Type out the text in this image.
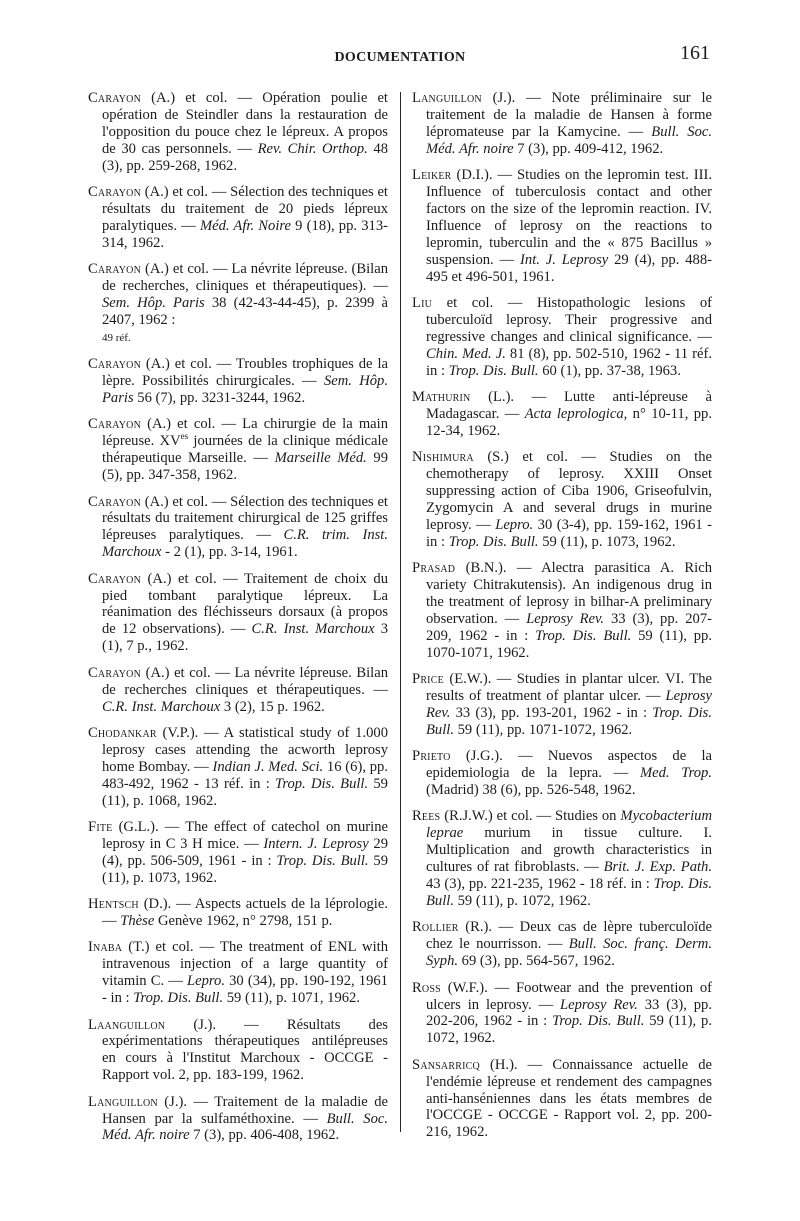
DOCUMENTATION	161

Carayon (A.) et col. — Opération poulie et opération de Steindler dans la restauration de l'opposition du pouce chez le lépreux. A propos de 30 cas personnels. — Rev. Chir. Orthop. 48 (3), pp. 259-268, 1962.

Carayon (A.) et col. — Sélection des techniques et résultats du traitement de 20 pieds lépreux paralytiques. — Méd. Afr. Noire 9 (18), pp. 313-314, 1962.

Carayon (A.) et col. — La névrite lépreuse. (Bilan de recherches, cliniques et thérapeutiques). — Sem. Hôp. Paris 38 (42-43-44-45), p. 2399 à 2407, 1962 :
49 réf.

Carayon (A.) et col. — Troubles trophiques de la lèpre. Possibilités chirurgicales. — Sem. Hôp. Paris 56 (7), pp. 3231-3244, 1962.

Carayon (A.) et col. — La chirurgie de la main lépreuse. $XV^{es}$ journées de la clinique médicale thérapeutique Marseille. — Marseille Méd. 99 (5), pp. 347-358, 1962.

Carayon (A.) et col. — Sélection des techniques et résultats du traitement chirurgical de 125 griffes lépreuses paralytiques. — C.R. trim. Inst. Marchoux - 2 (1), pp. 3-14, 1961.

Carayon (A.) et col. — Traitement de choix du pied tombant paralytique lépreux. La réanimation des fléchisseurs dorsaux (à propos de 12 observations). — C.R. Inst. Marchoux 3 (1), 7 p., 1962.

Carayon (A.) et col. — La névrite lépreuse. Bilan de recherches cliniques et thérapeutiques. — C.R. Inst. Marchoux 3 (2), 15 p. 1962.

Chodankar (V.P.). — A statistical study of 1.000 leprosy cases attending the acworth leprosy home Bombay. — Indian J. Med. Sci. 16 (6), pp. 483-492, 1962 - 13 réf. in : Trop. Dis. Bull. 59 (11), p. 1068, 1962.

Fite (G.L.). — The effect of catechol on murine leprosy in C 3 H mice. — Intern. J. Leprosy 29 (4), pp. 506-509, 1961 - in : Trop. Dis. Bull. 59 (11), p. 1073, 1962.

Hentsch (D.). — Aspects actuels de la léprologie. — Thèse Genève 1962, n° 2798, 151 p.

Inaba (T.) et col. — The treatment of ENL with intravenous injection of a large quantity of vitamin C. — Lepro. 30 (34), pp. 190-192, 1961 - in : Trop. Dis. Bull. 59 (11), p. 1071, 1962.

Laanguillon (J.). — Résultats des expérimentations thérapeutiques antilépreuses en cours à l'Institut Marchoux - OCCGE - Rapport vol. 2, pp. 183-199, 1962.

Languillon (J.). — Traitement de la maladie de Hansen par la sulfaméthoxine. — Bull. Soc. Méd. Afr. noire 7 (3), pp. 406-408, 1962.

Languillon (J.). — Note préliminaire sur le traitement de la maladie de Hansen à forme lépromateuse par la Kamycine. — Bull. Soc. Méd. Afr. noire 7 (3), pp. 409-412, 1962.

Leiker (D.I.). — Studies on the lepromin test. III. Influence of tuberculosis contact and other factors on the size of the lepromin reaction. IV. Influence of leprosy on the reactions to lepromin, tuberculin and the « 875 Bacillus » suspension. — Int. J. Leprosy 29 (4), pp. 488-495 et 496-501, 1961.

Liu et col. — Histopathologic lesions of tuberculoïd leprosy. Their progressive and regressive changes and clinical significance. — Chin. Med. J. 81 (8), pp. 502-510, 1962 - 11 réf. in : Trop. Dis. Bull. 60 (1), pp. 37-38, 1963.

Mathurin (L.). — Lutte anti-lépreuse à Madagascar. — Acta leprologica, n° 10-11, pp. 12-34, 1962.

Nishimura (S.) et col. — Studies on the chemotherapy of leprosy. XXIII Onset suppressing action of Ciba 1906, Griseofulvin, Zygomycin A and several drugs in murine leprosy. — Lepro. 30 (3-4), pp. 159-162, 1961 - in : Trop. Dis. Bull. 59 (11), p. 1073, 1962.

Prasad (B.N.). — Alectra parasitica A. Rich variety Chitrakutensis). An indigenous drug in the treatment of leprosy in bilhar-A preliminary observation. — Leprosy Rev. 33 (3), pp. 207-209, 1962 - in : Trop. Dis. Bull. 59 (11), pp. 1070-1071, 1962.

Price (E.W.). — Studies in plantar ulcer. VI. The results of treatment of plantar ulcer. — Leprosy Rev. 33 (3), pp. 193-201, 1962 - in : Trop. Dis. Bull. 59 (11), pp. 1071-1072, 1962.

Prieto (J.G.). — Nuevos aspectos de la epidemiologia de la lepra. — Med. Trop. (Madrid) 38 (6), pp. 526-548, 1962.

Rees (R.J.W.) et col. — Studies on Mycobacterium leprae murium in tissue culture. I. Multiplication and growth characteristics in cultures of rat fibroblasts. — Brit. J. Exp. Path. 43 (3), pp. 221-235, 1962 - 18 réf. in : Trop. Dis. Bull. 59 (11), p. 1072, 1962.

Rollier (R.). — Deux cas de lèpre tuberculoïde chez le nourrisson. — Bull. Soc. franç. Derm. Syph. 69 (3), pp. 564-567, 1962.

Ross (W.F.). — Footwear and the prevention of ulcers in leprosy. — Leprosy Rev. 33 (3), pp. 202-206, 1962 - in : Trop. Dis. Bull. 59 (11), p. 1072, 1962.

Sansarricq (H.). — Connaissance actuelle de l'endémie lépreuse et rendement des campagnes anti-hanséniennes dans les états membres de l'OCCGE - OCCGE - Rapport vol. 2, pp. 200-216, 1962.
